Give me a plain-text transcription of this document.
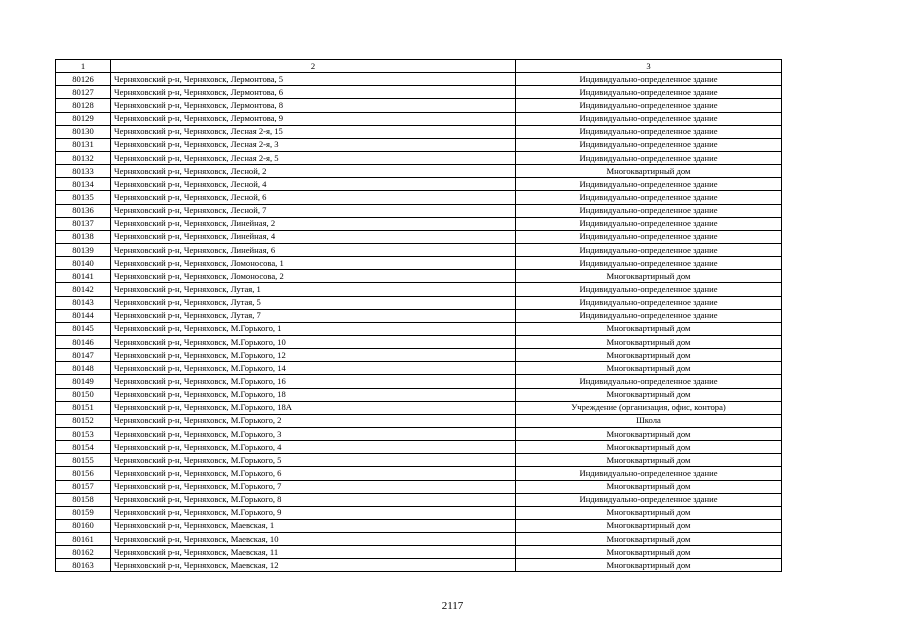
1	2	3
80126	Черняховский р-н, Черняховск, Лермонтова, 5	Индивидуально-определенное здание
80127	Черняховский р-н, Черняховск, Лермонтова, 6	Индивидуально-определенное здание
80128	Черняховский р-н, Черняховск, Лермонтова, 8	Индивидуально-определенное здание
80129	Черняховский р-н, Черняховск, Лермонтова, 9	Индивидуально-определенное здание
80130	Черняховский р-н, Черняховск, Лесная 2-я, 15	Индивидуально-определенное здание
80131	Черняховский р-н, Черняховск, Лесная 2-я, 3	Индивидуально-определенное здание
80132	Черняховский р-н, Черняховск, Лесная 2-я, 5	Индивидуально-определенное здание
80133	Черняховский р-н, Черняховск, Лесной, 2	Многоквартирный дом
80134	Черняховский р-н, Черняховск, Лесной, 4	Индивидуально-определенное здание
80135	Черняховский р-н, Черняховск, Лесной, 6	Индивидуально-определенное здание
80136	Черняховский р-н, Черняховск, Лесной, 7	Индивидуально-определенное здание
80137	Черняховский р-н, Черняховск, Линейная, 2	Индивидуально-определенное здание
80138	Черняховский р-н, Черняховск, Линейная, 4	Индивидуально-определенное здание
80139	Черняховский р-н, Черняховск, Линейная, 6	Индивидуально-определенное здание
80140	Черняховский р-н, Черняховск, Ломоносова, 1	Индивидуально-определенное здание
80141	Черняховский р-н, Черняховск, Ломоносова, 2	Многоквартирный дом
80142	Черняховский р-н, Черняховск, Лутая, 1	Индивидуально-определенное здание
80143	Черняховский р-н, Черняховск, Лутая, 5	Индивидуально-определенное здание
80144	Черняховский р-н, Черняховск, Лутая, 7	Индивидуально-определенное здание
80145	Черняховский р-н, Черняховск, М.Горького, 1	Многоквартирный дом
80146	Черняховский р-н, Черняховск, М.Горького, 10	Многоквартирный дом
80147	Черняховский р-н, Черняховск, М.Горького, 12	Многоквартирный дом
80148	Черняховский р-н, Черняховск, М.Горького, 14	Многоквартирный дом
80149	Черняховский р-н, Черняховск, М.Горького, 16	Индивидуально-определенное здание
80150	Черняховский р-н, Черняховск, М.Горького, 18	Многоквартирный дом
80151	Черняховский р-н, Черняховск, М.Горького, 18А	Учреждение (организация, офис, контора)
80152	Черняховский р-н, Черняховск, М.Горького, 2	Школа
80153	Черняховский р-н, Черняховск, М.Горького, 3	Многоквартирный дом
80154	Черняховский р-н, Черняховск, М.Горького, 4	Многоквартирный дом
80155	Черняховский р-н, Черняховск, М.Горького, 5	Многоквартирный дом
80156	Черняховский р-н, Черняховск, М.Горького, 6	Индивидуально-определенное здание
80157	Черняховский р-н, Черняховск, М.Горького, 7	Многоквартирный дом
80158	Черняховский р-н, Черняховск, М.Горького, 8	Индивидуально-определенное здание
80159	Черняховский р-н, Черняховск, М.Горького, 9	Многоквартирный дом
80160	Черняховский р-н, Черняховск, Маевская, 1	Многоквартирный дом
80161	Черняховский р-н, Черняховск, Маевская, 10	Многоквартирный дом
80162	Черняховский р-н, Черняховск, Маевская, 11	Многоквартирный дом
80163	Черняховский р-н, Черняховск, Маевская, 12	Многоквартирный дом
2117
